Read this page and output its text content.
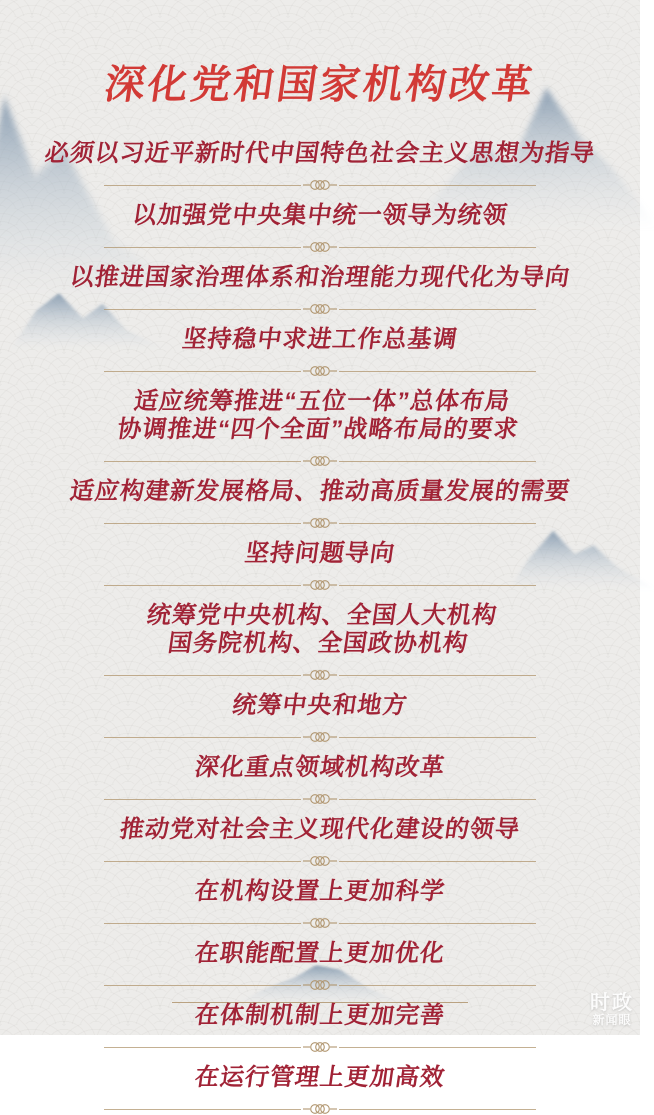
深化党和国家机构改革
必须以习近平新时代中国特色社会主义思想为指导
以加强党中央集中统一领导为统领
以推进国家治理体系和治理能力现代化为导向
坚持稳中求进工作总基调
适应统筹推进“五位一体”总体布局
协调推进“四个全面”战略布局的要求
适应构建新发展格局、推动高质量发展的需要
坚持问题导向
统筹党中央机构、全国人大机构
国务院机构、全国政协机构
统筹中央和地方
深化重点领域机构改革
推动党对社会主义现代化建设的领导
在机构设置上更加科学
在职能配置上更加优化
在体制机制上更加完善
在运行管理上更加高效
时政
新闻眼
